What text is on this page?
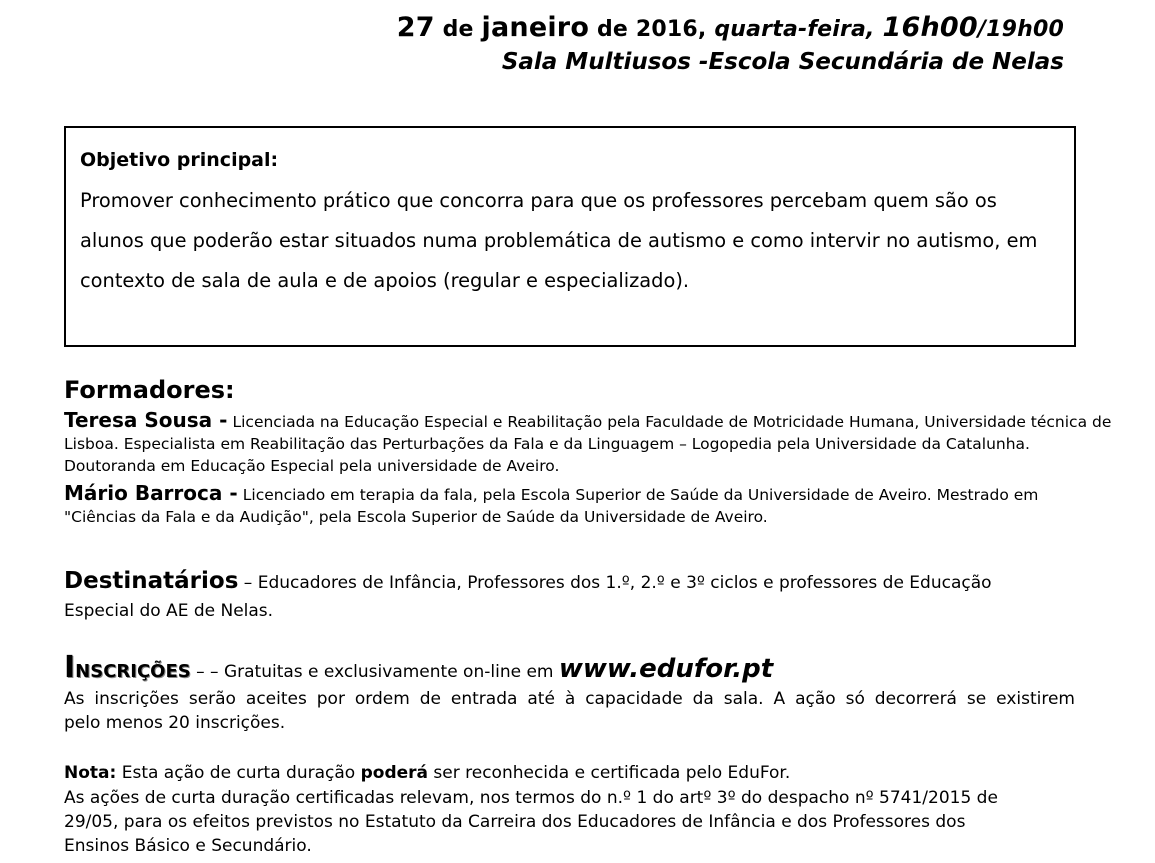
27 de janeiro de 2016, quarta-feira, 16h00/19h00
Sala Multiusos -Escola Secundária de Nelas
Objetivo principal:
Promover conhecimento prático que concorra para que os professores percebam quem são os
alunos que poderão estar situados numa problemática de autismo e como intervir no autismo, em
contexto de sala de aula e de apoios (regular e especializado).
Formadores:
Teresa Sousa - Licenciada na Educação Especial e Reabilitação pela Faculdade de Motricidade Humana, Universidade técnica de
Lisboa. Especialista em Reabilitação das Perturbações da Fala e da Linguagem – Logopedia pela Universidade da Catalunha.
Doutoranda em Educação Especial pela universidade de Aveiro.
Mário Barroca - Licenciado em terapia da fala, pela Escola Superior de Saúde da Universidade de Aveiro. Mestrado em
"Ciências da Fala e da Audição", pela Escola Superior de Saúde da Universidade de Aveiro.
Destinatários – Educadores de Infância, Professores dos 1.º, 2.º e 3º ciclos e professores de Educação
Especial do AE de Nelas.
Inscrições – – Gratuitas e exclusivamente on-line em www.edufor.pt
As inscrições serão aceites por ordem de entrada até à capacidade da sala. A ação só decorrerá se existirem
pelo menos 20 inscrições.
Nota: Esta ação de curta duração poderá ser reconhecida e certificada pelo EduFor.
As ações de curta duração certificadas relevam, nos termos do n.º 1 do artº 3º do despacho nº 5741/2015 de
29/05, para os efeitos previstos no Estatuto da Carreira dos Educadores de Infância e dos Professores dos
Ensinos Básico e Secundário.
